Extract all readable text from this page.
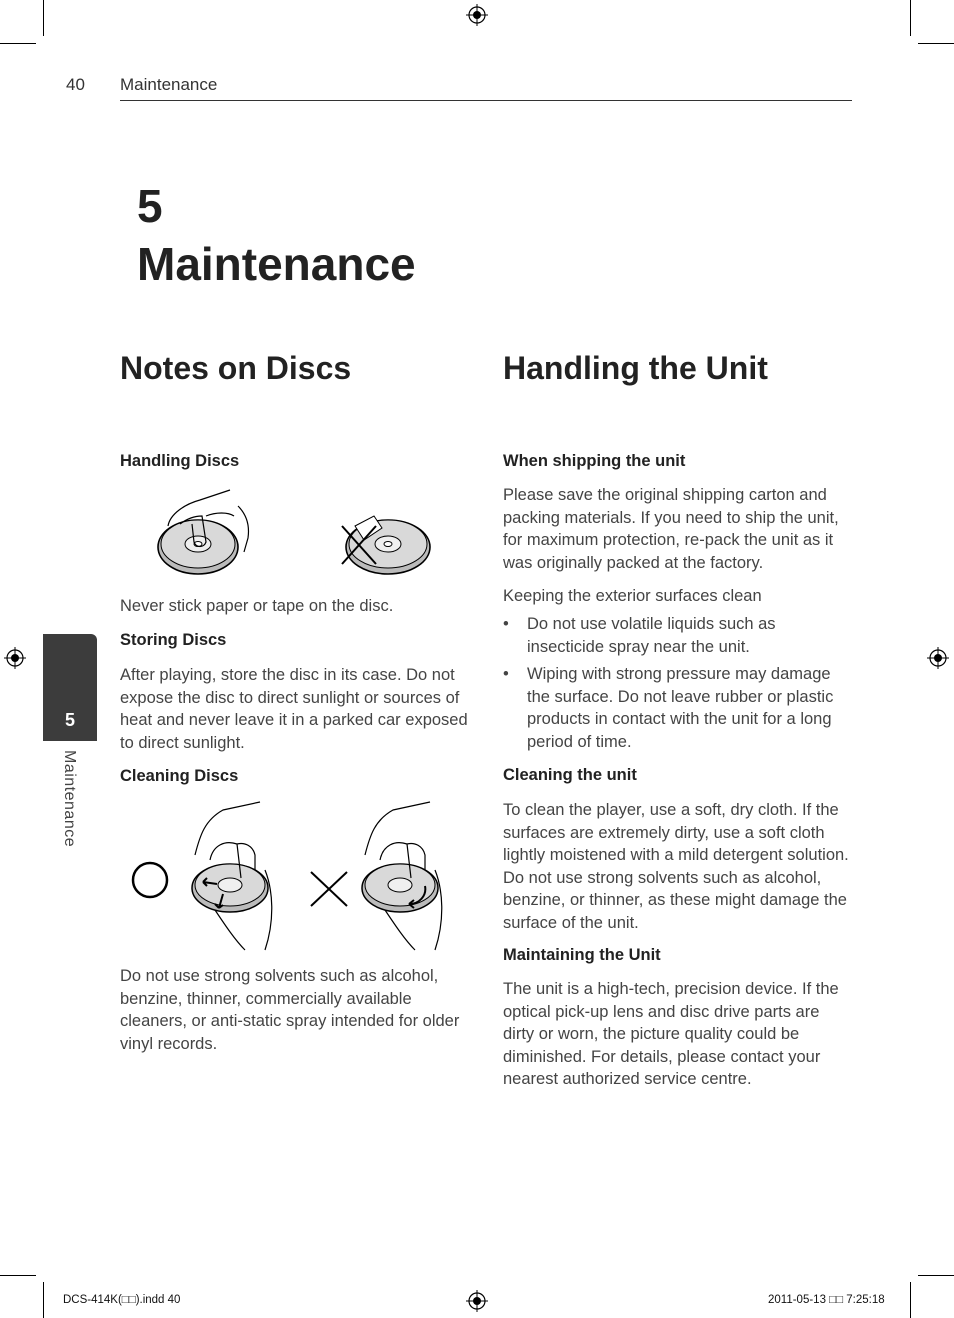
40 Maintenance
5
Maintenance
Notes on Discs
Handling Discs
Never stick paper or tape on the disc.
Storing Discs
After playing, store the disc in its case. Do not expose the disc to direct sunlight or sources of heat and never leave it in a parked car exposed to direct sunlight.
Cleaning Discs
Do not use strong solvents such as alcohol, benzine, thinner, commercially available cleaners, or anti-static spray intended for older vinyl records.
Handling the Unit
When shipping the unit
Please save the original shipping carton and packing materials. If you need to ship the unit, for maximum protection, re-pack the unit as it was originally packed at the factory.
Keeping the exterior surfaces clean
• Do not use volatile liquids such as insecticide spray near the unit.
• Wiping with strong pressure may damage the surface. Do not leave rubber or plastic products in contact with the unit for a long period of time.
Cleaning the unit
To clean the player, use a soft, dry cloth. If the surfaces are extremely dirty, use a soft cloth lightly moistened with a mild detergent solution. Do not use strong solvents such as alcohol, benzine, or thinner, as these might damage the surface of the unit.
Maintaining the Unit
The unit is a high-tech, precision device. If the optical pick-up lens and disc drive parts are dirty or worn, the picture quality could be diminished. For details, please contact your nearest authorized service centre.
5
Maintenance
DCS-414K(□□).indd 40	2011-05-13 □□ 7:25:18
